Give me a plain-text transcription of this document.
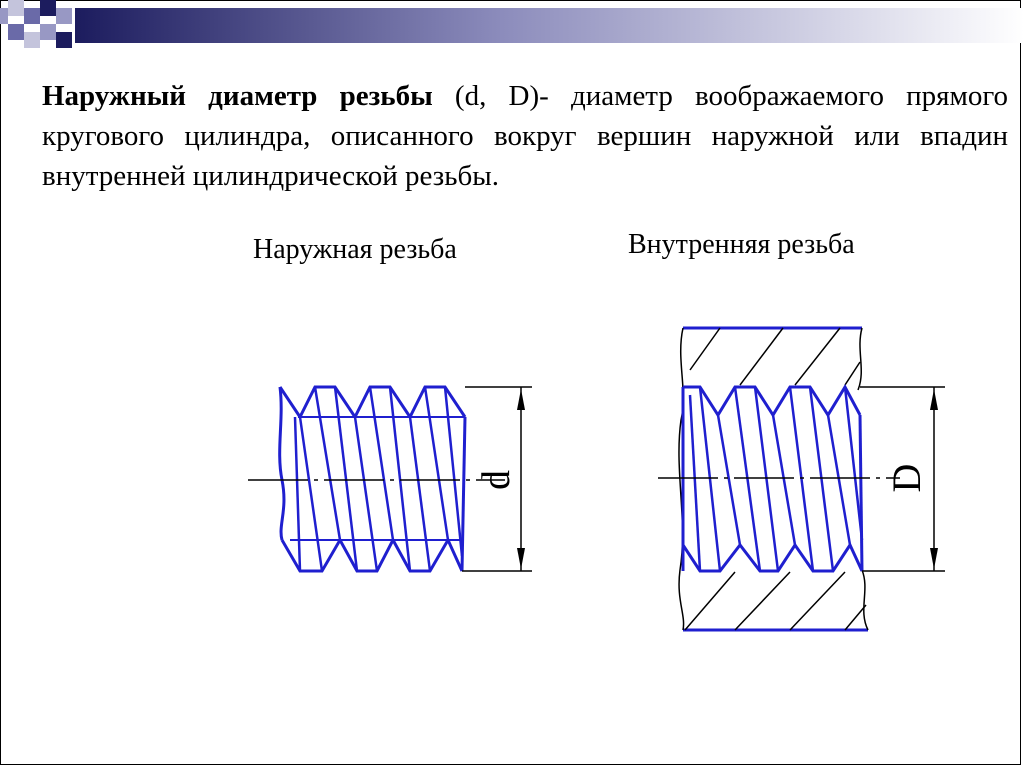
Наружный диаметр резьбы (d, D)- диаметр воображаемого прямого кругового цилиндра, описанного вокруг вершин наружной или впадин внутренней цилиндрической резьбы.

Наружная резьба	Внутренняя резьба
d	D
